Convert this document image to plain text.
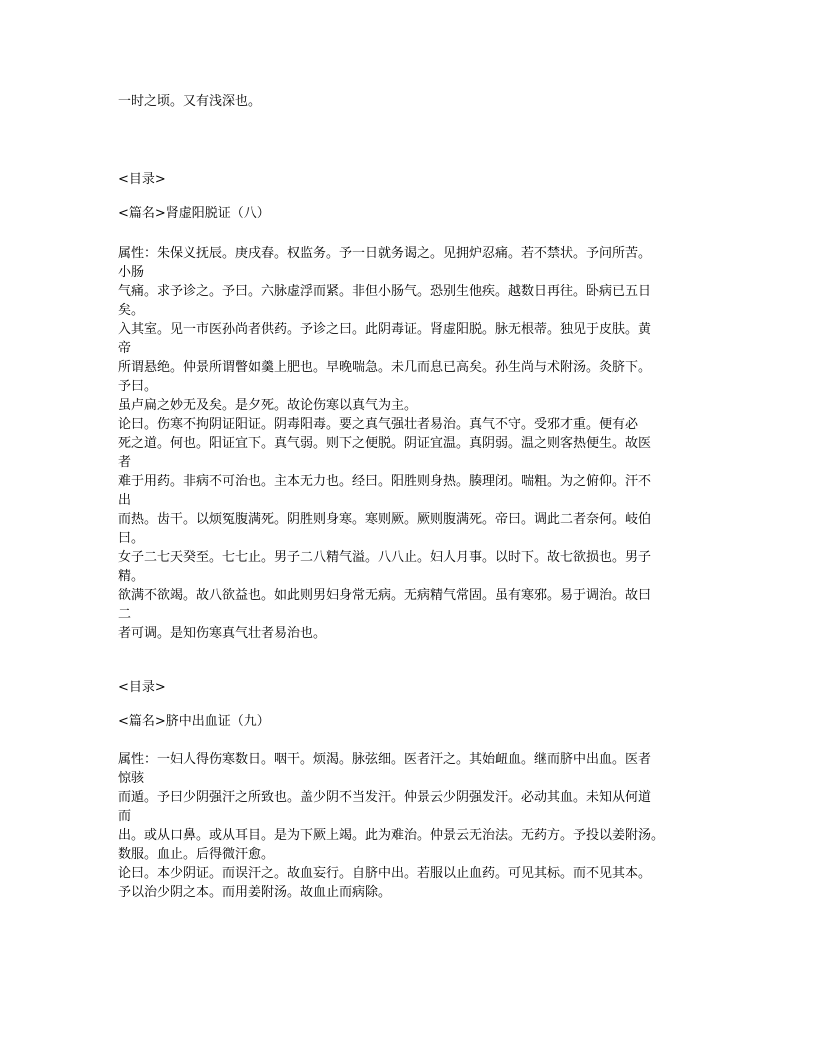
一时之顷。又有浅深也。
<目录>
<篇名>肾虚阳脱证（八）
属性：朱保义抚辰。庚戌春。权监务。予一日就务谒之。见拥炉忍痛。若不禁状。予问所苦。
小肠
气痛。求予诊之。予曰。六脉虚浮而紧。非但小肠气。恐别生他疾。越数日再往。卧病已五日
矣。
入其室。见一市医孙尚者供药。予诊之曰。此阴毒证。肾虚阳脱。脉无根蒂。独见于皮肤。黄
帝
所谓悬绝。仲景所谓瞥如羹上肥也。早晚喘急。未几而息已高矣。孙生尚与术附汤。灸脐下。
予曰。
虽卢扁之妙无及矣。是夕死。故论伤寒以真气为主。
论曰。伤寒不拘阴证阳证。阴毒阳毒。要之真气强壮者易治。真气不守。受邪才重。便有必
死之道。何也。阳证宜下。真气弱。则下之便脱。阴证宜温。真阴弱。温之则客热便生。故医
者
难于用药。非病不可治也。主本无力也。经曰。阳胜则身热。腠理闭。喘粗。为之俯仰。汗不
出
而热。齿干。以烦冤腹满死。阴胜则身寒。寒则厥。厥则腹满死。帝曰。调此二者奈何。岐伯
曰。
女子二七天癸至。七七止。男子二八精气溢。八八止。妇人月事。以时下。故七欲损也。男子
精。
欲满不欲竭。故八欲益也。如此则男妇身常无病。无病精气常固。虽有寒邪。易于调治。故曰
二
者可调。是知伤寒真气壮者易治也。
<目录>
<篇名>脐中出血证（九）
属性：一妇人得伤寒数日。咽干。烦渴。脉弦细。医者汗之。其始衄血。继而脐中出血。医者
惊骇
而遁。予曰少阴强汗之所致也。盖少阴不当发汗。仲景云少阴强发汗。必动其血。未知从何道
而
出。或从口鼻。或从耳目。是为下厥上竭。此为难治。仲景云无治法。无药方。予投以姜附汤。
数服。血止。后得微汗愈。
论曰。本少阴证。而误汗之。故血妄行。自脐中出。若服以止血药。可见其标。而不见其本。
予以治少阴之本。而用姜附汤。故血止而病除。
